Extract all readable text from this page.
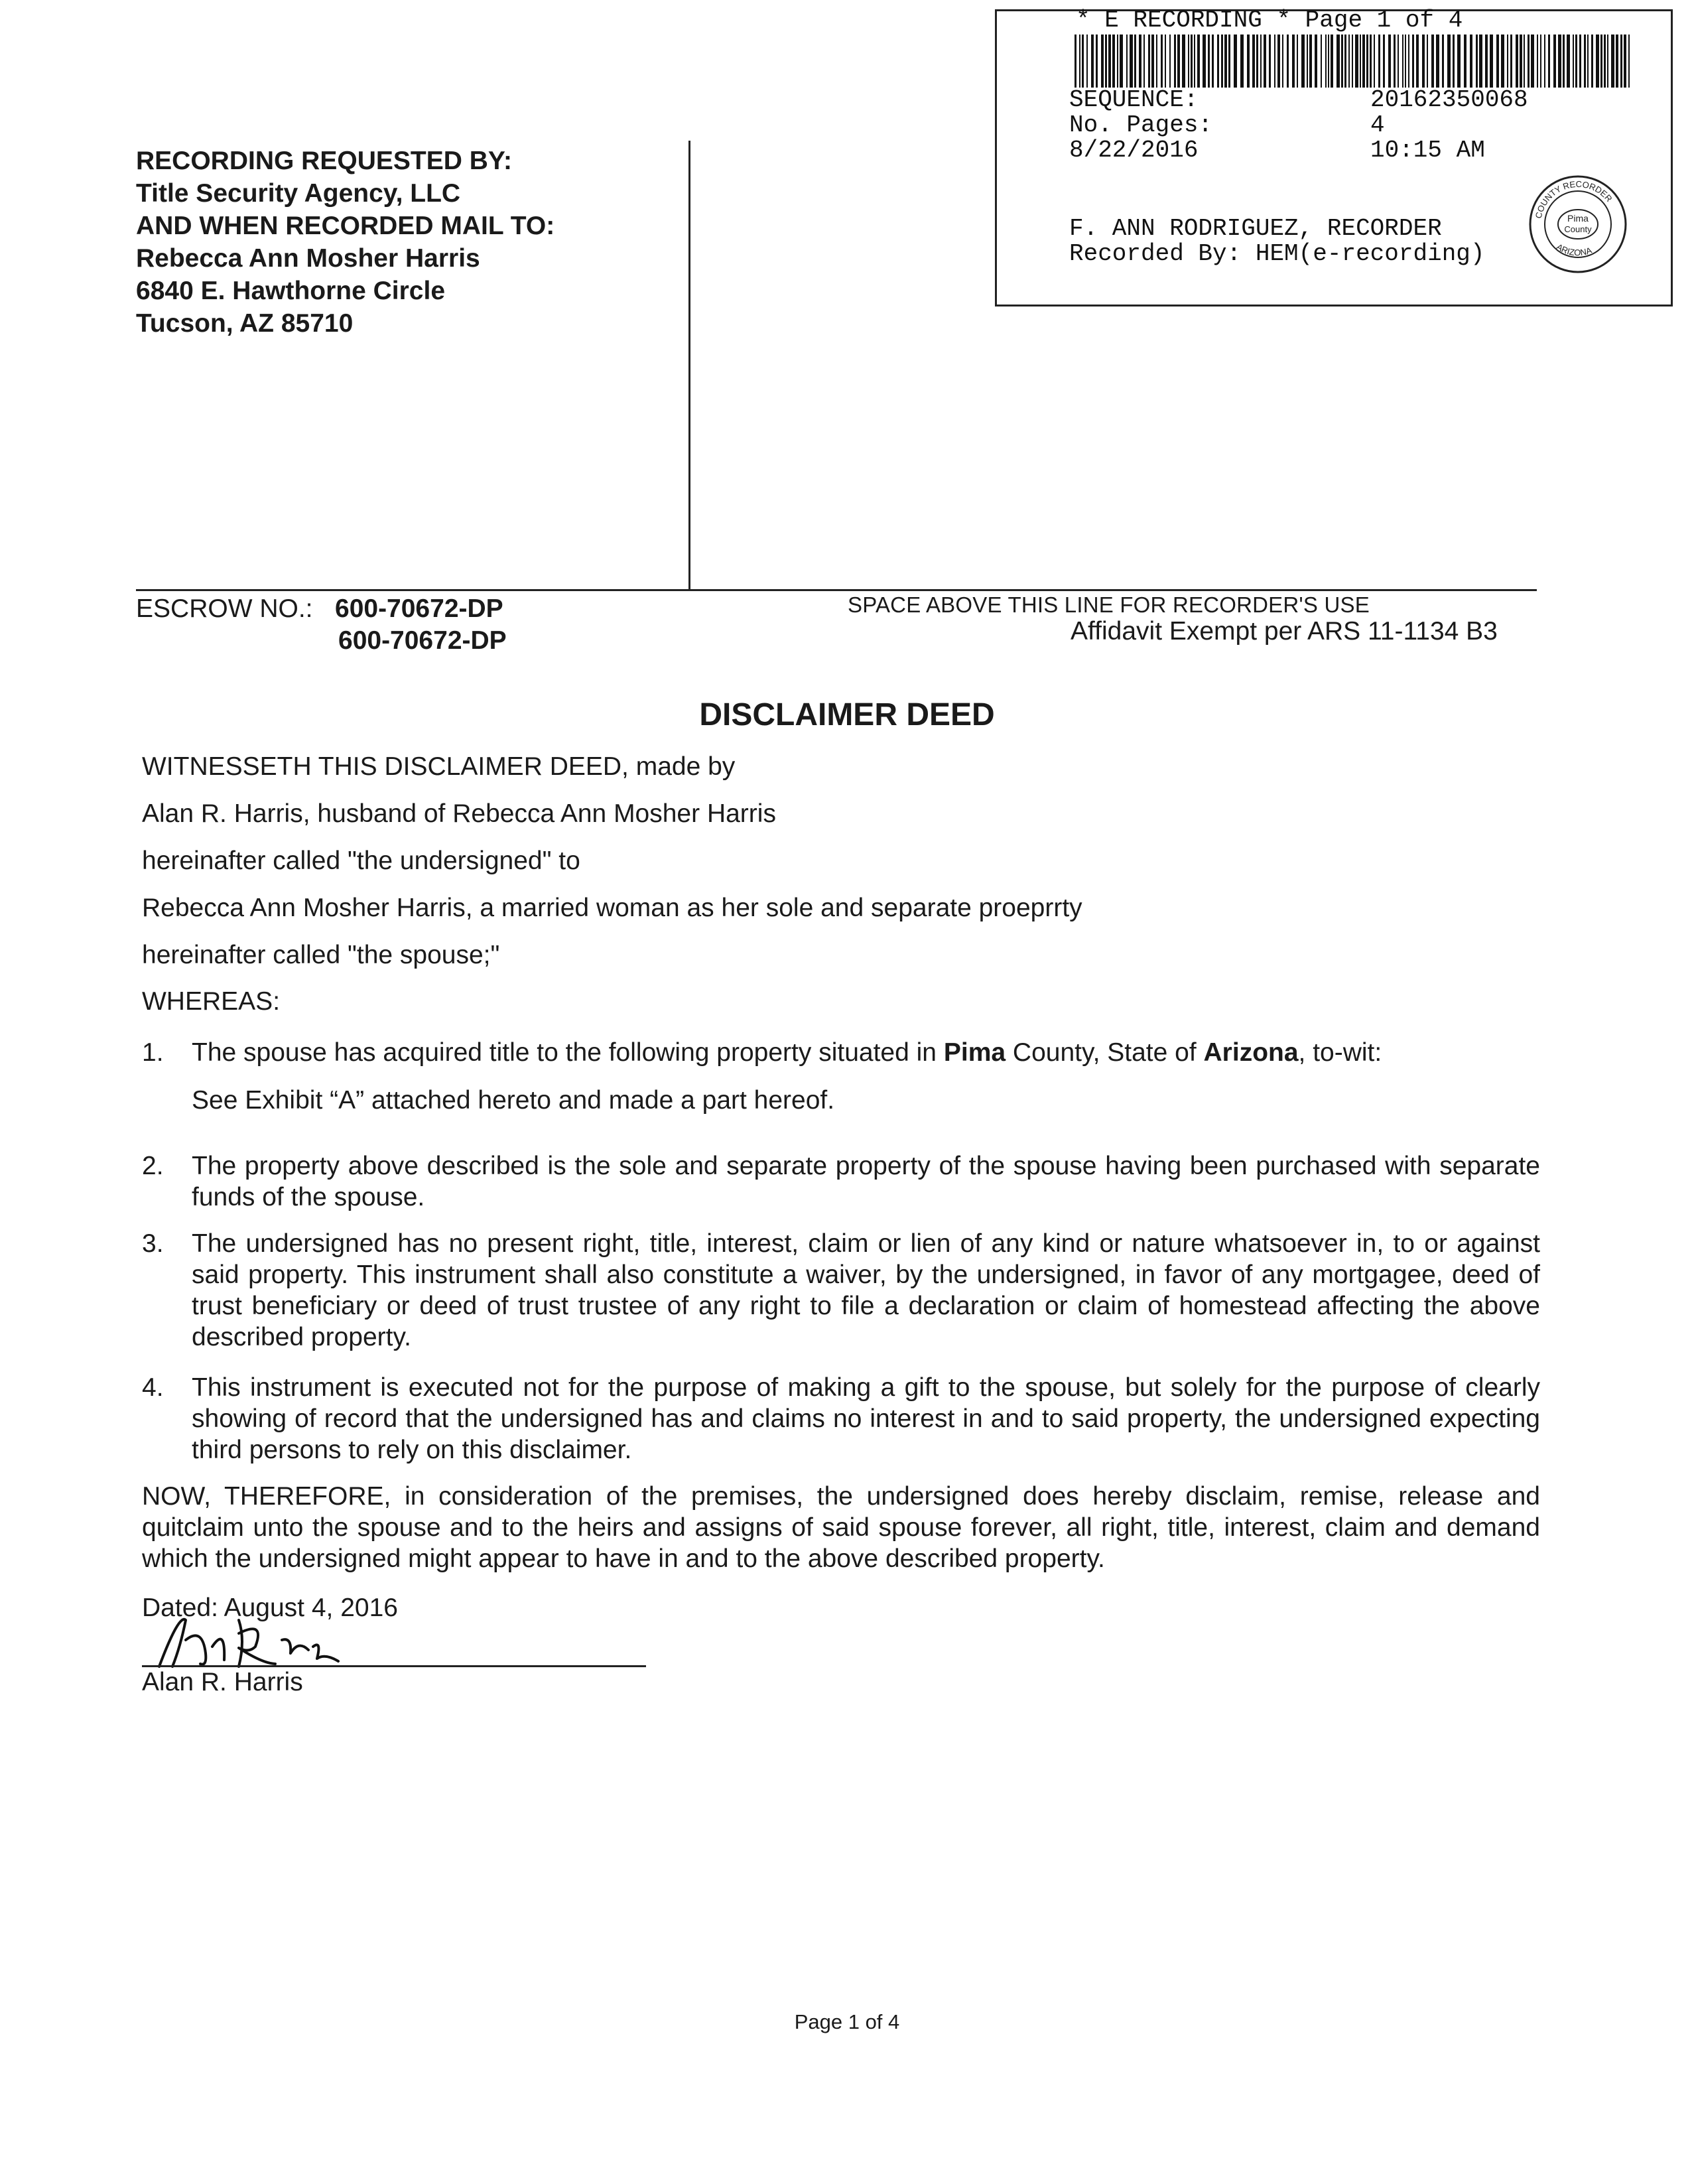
* E RECORDING * Page 1 of 4
SEQUENCE:	20162350068
No. Pages:	4
8/22/2016	10:15 AM
F. ANN RODRIGUEZ, RECORDER
Recorded By: HEM(e-recording)
Pima
County
COUNTY RECORDER
ARIZONA
RECORDING REQUESTED BY:
Title Security Agency, LLC
AND WHEN RECORDED MAIL TO:
Rebecca Ann Mosher Harris
6840 E. Hawthorne Circle
Tucson, AZ 85710
ESCROW NO.: 600-70672-DP
600-70672-DP
SPACE ABOVE THIS LINE FOR RECORDER'S USE
Affidavit Exempt per ARS 11-1134 B3
DISCLAIMER DEED
WITNESSETH THIS DISCLAIMER DEED, made by
Alan R. Harris, husband of Rebecca Ann Mosher Harris
hereinafter called "the undersigned" to
Rebecca Ann Mosher Harris, a married woman as her sole and separate proeprrty
hereinafter called "the spouse;"
WHEREAS:
1. The spouse has acquired title to the following property situated in Pima County, State of Arizona, to-wit:
See Exhibit “A” attached hereto and made a part hereof.
2. The property above described is the sole and separate property of the spouse having been purchased with separate funds of the spouse.
3. The undersigned has no present right, title, interest, claim or lien of any kind or nature whatsoever in, to or against said property. This instrument shall also constitute a waiver, by the undersigned, in favor of any mortgagee, deed of trust beneficiary or deed of trust trustee of any right to file a declaration or claim of homestead affecting the above described property.
4. This instrument is executed not for the purpose of making a gift to the spouse, but solely for the purpose of clearly showing of record that the undersigned has and claims no interest in and to said property, the undersigned expecting third persons to rely on this disclaimer.
NOW, THEREFORE, in consideration of the premises, the undersigned does hereby disclaim, remise, release and quitclaim unto the spouse and to the heirs and assigns of said spouse forever, all right, title, interest, claim and demand which the undersigned might appear to have in and to the above described property.
Dated: August 4, 2016
Alan R. Harris
Page 1 of 4
